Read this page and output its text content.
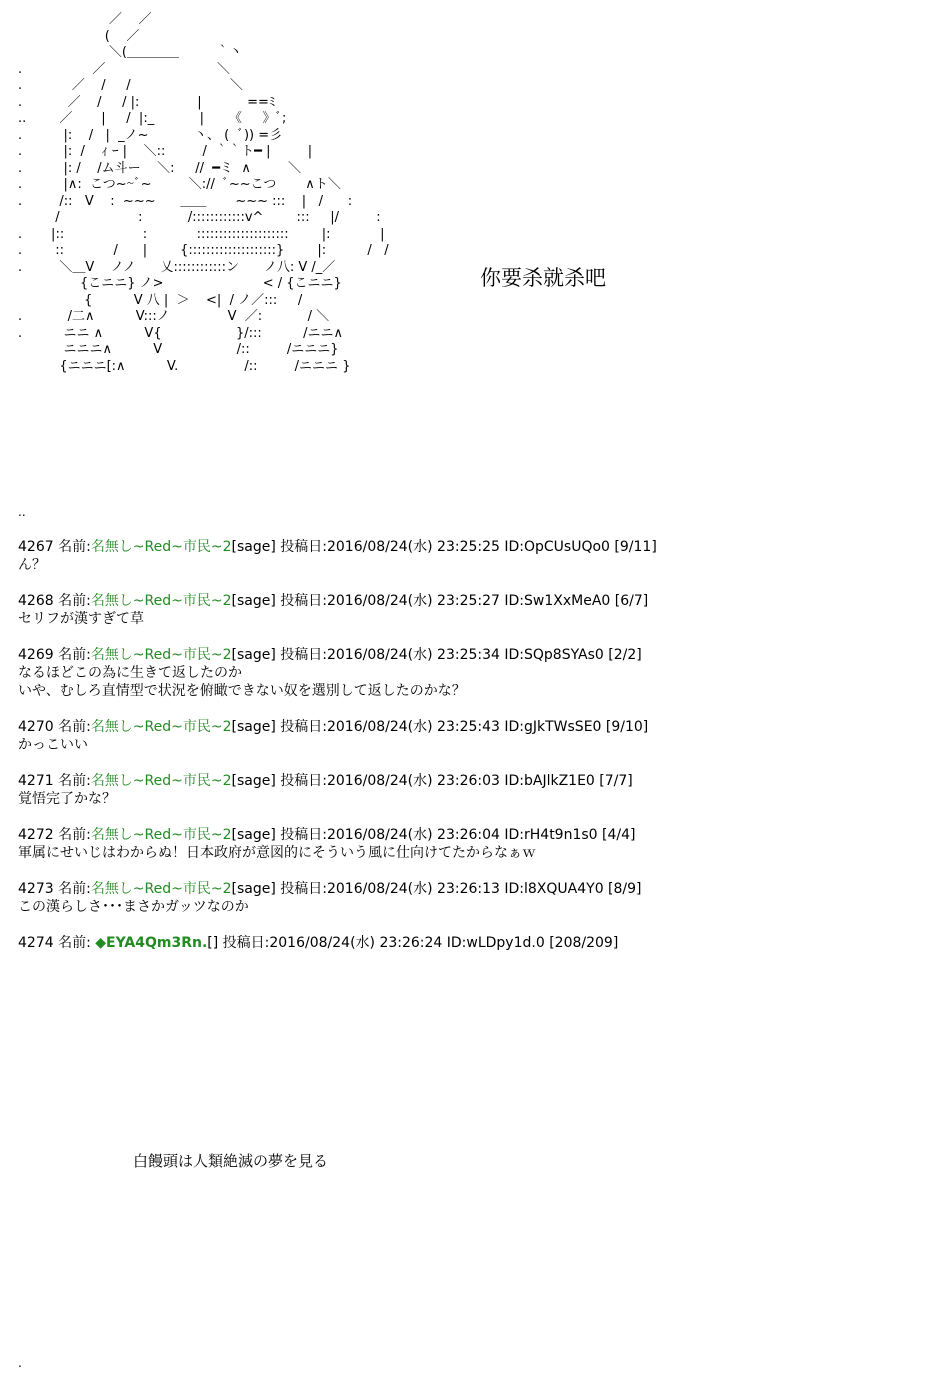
／    ／
(    ／
＼(＿＿＿＿         ｀丶
.                 ／                           ＼
.            ／    /     /                        ＼
.           ／    /     / |:              |           ==ﾐ
..        ／       |     /  |:_           |      《     》ﾞ;
.          |:    /   |  _ノ~           丶、 (  ﾞ)) =彡
.          |:  /    ｨ ｰ |    ＼::         /  ｀｀ト━ |         |
.          |: /    /ム斗ー    ＼:     //  ━ミ  ∧         ＼
.          |∧:  こつ~~ﾞ~         ＼://  ﾞ~~こつ       ∧ト＼
.         /::   V    :  ~~~      ＿＿       ~~~ :::    |   /      :
/                   :           /::::::::::::v^        :::     |/         :
.       |::                   :            :::::::::::::::::::::        |:            |
.        ::            /      |        {::::::::::::::::::::}        |:          /   /
.         ＼＿V    ノノ      乂::::::::::::ン      ノ八: V /_／
{こニニ} ノ>                        < / {こニニ}
{          V 八 |  ＞    <|  / ノ／:::     /
.           /二∧          V:::ノ              V  ／:           / ＼
.          ニニ ∧          V{                  }/:::          /ニニ∧
ニニニ∧          V                  /::         /ニニニ}
{ニニニ[:∧          V.                /::         /ニニニ }
你要杀就杀吧
..
4267 名前:名無し~Red~市民~2[sage] 投稿日:2016/08/24(水) 23:25:25 ID:OpCUsUQo0 [9/11]
ん？
4268 名前:名無し~Red~市民~2[sage] 投稿日:2016/08/24(水) 23:25:27 ID:Sw1XxMeA0 [6/7]
セリフが漢すぎて草
4269 名前:名無し~Red~市民~2[sage] 投稿日:2016/08/24(水) 23:25:34 ID:SQp8SYAs0 [2/2]
なるほどこの為に生きて返したのか
いや、むしろ直情型で状況を俯瞰できない奴を選別して返したのかな？
4270 名前:名無し~Red~市民~2[sage] 投稿日:2016/08/24(水) 23:25:43 ID:gJkTWsSE0 [9/10]
かっこいい
4271 名前:名無し~Red~市民~2[sage] 投稿日:2016/08/24(水) 23:26:03 ID:bAJlkZ1E0 [7/7]
覚悟完了かな？
4272 名前:名無し~Red~市民~2[sage] 投稿日:2016/08/24(水) 23:26:04 ID:rH4t9n1s0 [4/4]
軍属にせいじはわからぬ！日本政府が意図的にそういう風に仕向けてたからなぁｗ
4273 名前:名無し~Red~市民~2[sage] 投稿日:2016/08/24(水) 23:26:13 ID:l8XQUA4Y0 [8/9]
この漢らしさ･･･まさかガッツなのか
4274 名前: ◆EYA4Qm3Rn.[] 投稿日:2016/08/24(水) 23:26:24 ID:wLDpy1d.0 [208/209]
白饅頭は人類絶滅の夢を見る
.
